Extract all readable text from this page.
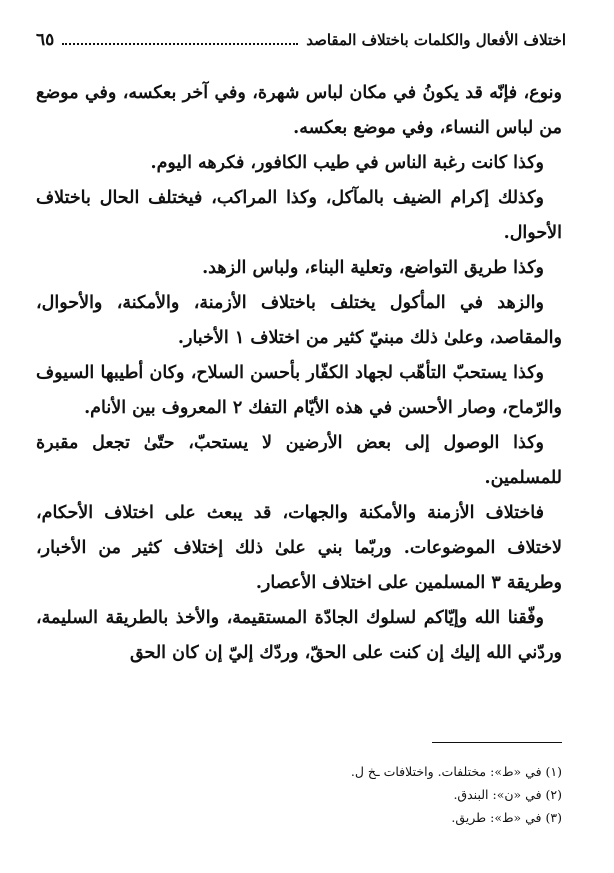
اختلاف الأفعال والكلمات باختلاف المقاصد
٦٥

ونوع، فإنّه قد يكونُ في مكان لباس شهرة، وفي آخر بعكسه، وفي موضع من لباس النساء، وفي موضع بعكسه.

وكذا كانت رغبة الناس في طيب الكافور، فكرهه اليوم.

وكذلك إكرام الضيف بالمآكل، وكذا المراكب، فيختلف الحال باختلاف الأحوال.

وكذا طريق التواضع، وتعلية البناء، ولباس الزهد.

والزهد في المأكول يختلف باختلاف الأزمنة، والأمكنة، والأحوال، والمقاصد، وعلىٰ ذلك مبنيّ كثير من اختلاف ١ الأخبار.

وكذا يستحبّ التأهّب لجهاد الكفّار بأحسن السلاح، وكان أطيبها السيوف والرّماح، وصار الأحسن في هذه الأيّام التفك ٢ المعروف بين الأنام.

وكذا الوصول إلى بعض الأرضين لا يستحبّ، حتّىٰ تجعل مقبرة للمسلمين.

فاختلاف الأزمنة والأمكنة والجهات، قد يبعث على اختلاف الأحكام، لاختلاف الموضوعات. وربّما بني علىٰ ذلك إختلاف كثير من الأخبار، وطريقة ٣ المسلمين على اختلاف الأعصار.

وفّقنا الله وإيّاكم لسلوك الجادّة المستقيمة، والأخذ بالطريقة السليمة، وردّني الله إليك إن كنت على الحقّ، وردّك إليّ إن كان الحق

(١) في «ط»: مختلفات. واختلافات ـخ ل.
(٢) في «ن»: البندق.
(٣) في «ط»: طريق.
